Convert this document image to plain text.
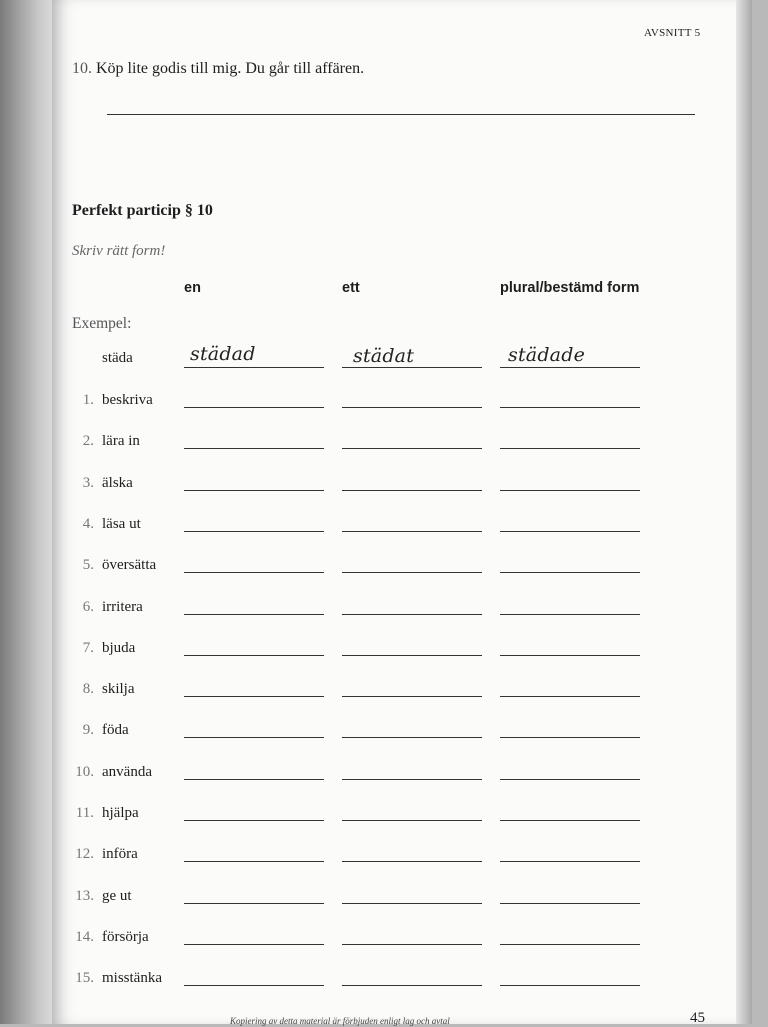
AVSNITT 5
10. Köp lite godis till mig. Du går till affären.
Perfekt particip § 10
Skriv rätt form!
en	ett	plural/bestämd form
Exempel:
städa	städad	städat	städade
1. beskriva
2. lära in
3. älska
4. läsa ut
5. översätta
6. irritera
7. bjuda
8. skilja
9. föda
10. använda
11. hjälpa
12. införa
13. ge ut
14. försörja
15. misstänka
Kopiering av detta material är förbjuden enligt lag och avtal	45
